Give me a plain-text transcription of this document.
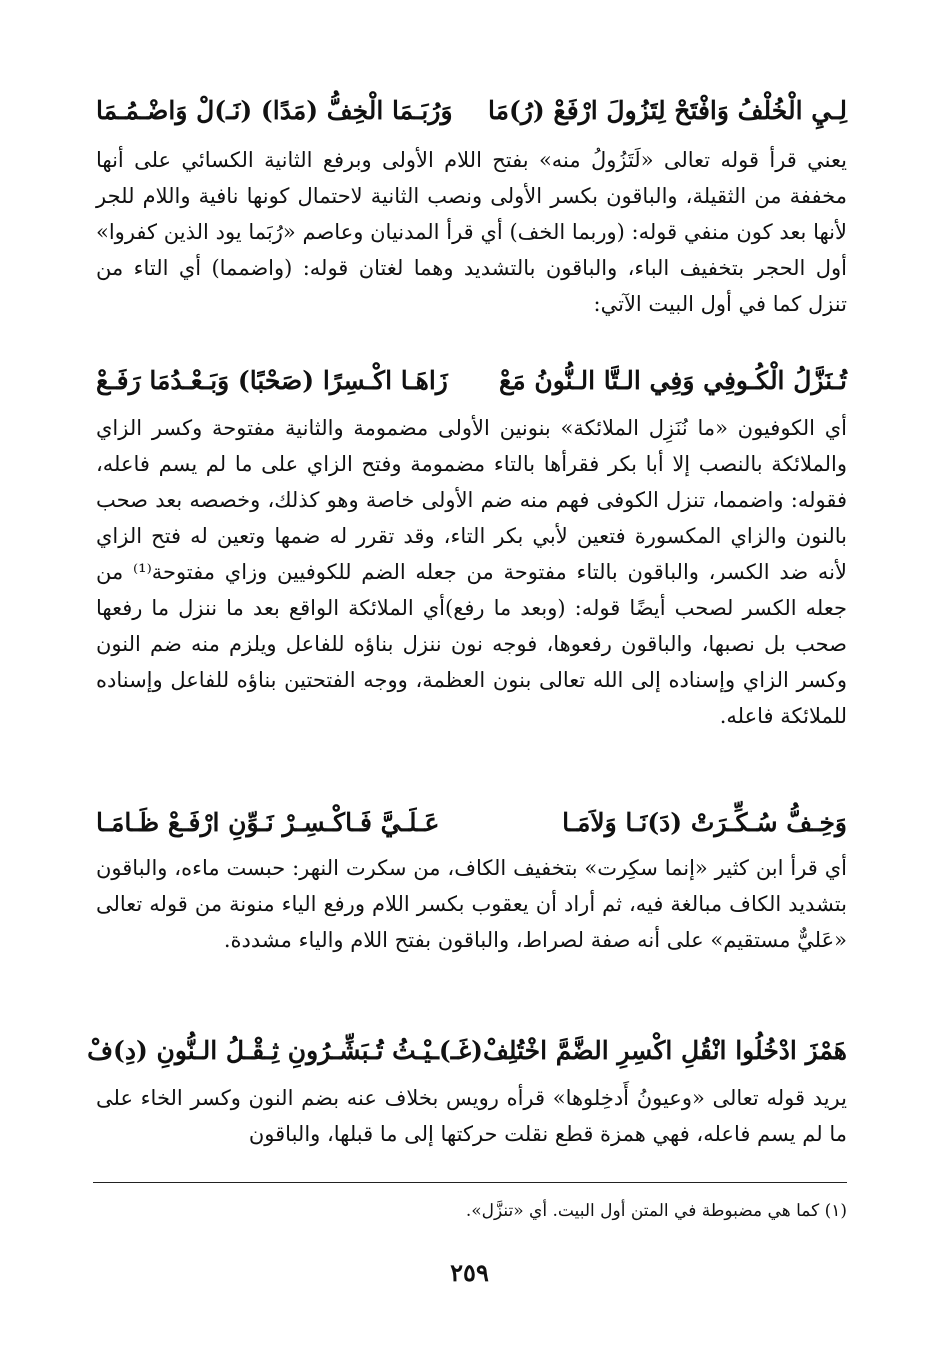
لِـيِ الْخُلْفُ وَافْتَحْ لِتَزُولَ ارْفَعْ (رُ)مَا
وَرُبَـمَا الْخِفُّ (مَدًا) (نَـ)لْ وَاضْـمُـمَا

يعني قرأ قوله تعالى «لَتَزُولُ منه» بفتح اللام الأولى وبرفع الثانية الكسائي على أنها مخففة من الثقيلة، والباقون بكسر الأولى ونصب الثانية لاحتمال كونها نافية واللام للجر لأنها بعد كون منفي قوله: (وربما الخف) أي قرأ المدنيان وعاصم «رُبَما يود الذين كفروا» أول الحجر بتخفيف الباء، والباقون بالتشديد وهما لغتان قوله: (واضمما) أي التاء من تنزل كما في أول البيت الآتي:

تُـنَزَّلُ الْكُـوفِي وَفِي الـتَّا الـنُّونُ مَعْ
زَاهَـا اكْـسِرًا (صَحْبًا) وَبَـعْـدُمَا رَفَـعْ

أي الكوفيون «ما نُنَزِل الملائكة» بنونين الأولى مضمومة والثانية مفتوحة وكسر الزاي والملائكة بالنصب إلا أبا بكر فقرأها بالتاء مضمومة وفتح الزاي على ما لم يسم فاعله، فقوله: واضمما، تنزل الكوفى فهم منه ضم الأولى خاصة وهو كذلك، وخصصه بعد صحب بالنون والزاي المكسورة فتعين لأبي بكر التاء، وقد تقرر له ضمها وتعين له فتح الزاي لأنه ضد الكسر، والباقون بالتاء مفتوحة من جعله الضم للكوفيين وزاي مفتوحة⁽¹⁾ من جعله الكسر لصحب أيضًا قوله: (وبعد ما رفع)أي الملائكة الواقع بعد ما ننزل ما رفعها صحب بل نصبها، والباقون رفعوها، فوجه نون ننزل بناؤه للفاعل ويلزم منه ضم النون وكسر الزاي وإسناده إلى الله تعالى بنون العظمة، ووجه الفتحتين بناؤه للفاعل وإسناده للملائكة فاعله.

وَخِـفُّ سُـكِّـرَتْ (دَ)نَـا وَلاَمَـا
عَـلَـيَّ فَـاكْـسِـرْ نَـوِّنِ ارْفَـعْ ظَـامَـا

أي قرأ ابن كثير «إنما سكِرت» بتخفيف الكاف، من سكرت النهر: حبست ماءه، والباقون بتشديد الكاف مبالغة فيه، ثم أراد أن يعقوب بكسر اللام ورفع الياء منونة من قوله تعالى «عَليٌّ مستقيم» على أنه صفة لصراط، والباقون بفتح اللام والياء مشددة.

هَمْزَ ادْخُلُوا انْقُلِ اكْسِرِ الضَّمَّ اخْتُلِفْ
(غَـ)ـيْـثُ تُـبَشِّـرُونِ ثِـقْـلُ الـنُّونِ (دِ)فْ

يريد قوله تعالى «وعيونُ أَدخِلوها» قرأه رويس بخلاف عنه بضم النون وكسر الخاء على ما لم يسم فاعله، فهي همزة قطع نقلت حركتها إلى ما قبلها، والباقون

(١) كما هي مضبوطة في المتن أول البيت. أي «تنزَّل».

٢٥٩
